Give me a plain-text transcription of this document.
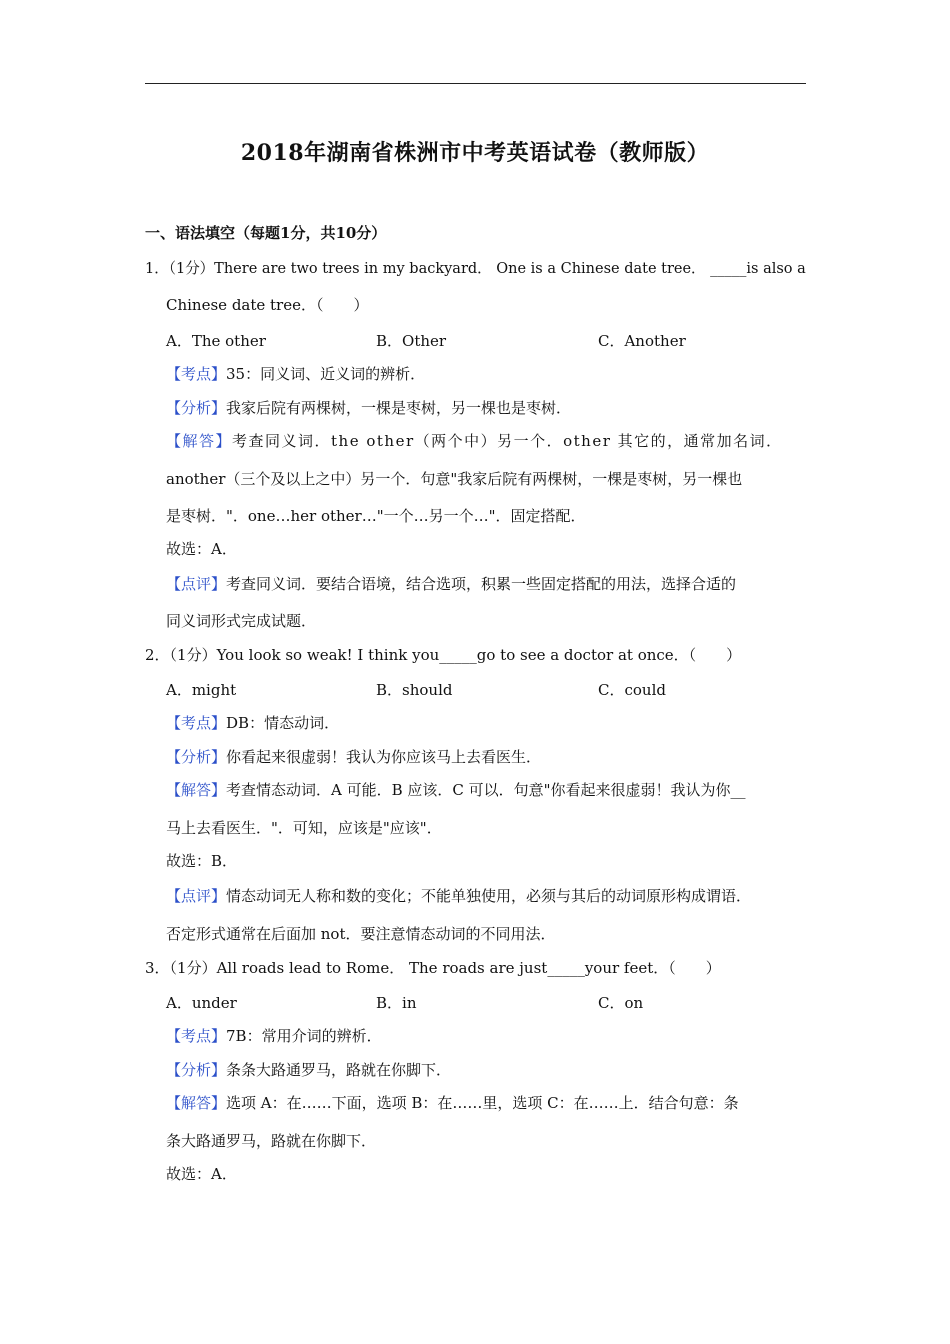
2018年湖南省株洲市中考英语试卷（教师版）
一、语法填空（每题1分，共10分）
1．（1分）There are two trees in my backyard． One is a Chinese date tree． _____is also a
Chinese date tree．（　　）
A．The other	B．Other	C．Another
【考点】35：同义词、近义词的辨析．
【分析】我家后院有两棵树，一棵是枣树，另一棵也是枣树．
【解答】考查同义词．the other（两个中）另一个．other 其它的，通常加名词．
another（三个及以上之中）另一个．句意"我家后院有两棵树，一棵是枣树，另一棵也
是枣树．"．one…her other…"一个…另一个…"．固定搭配．
故选：A．
【点评】考查同义词．要结合语境，结合选项，积累一些固定搭配的用法，选择合适的
同义词形式完成试题．
2．（1分）You look so weak! I think you_____go to see a doctor at once．（　　）
A．might	B．should	C．could
【考点】DB：情态动词．
【分析】你看起来很虚弱！我认为你应该马上去看医生．
【解答】考查情态动词．A 可能．B 应该．C 可以．句意"你看起来很虚弱！我认为你__
马上去看医生．"．可知，应该是"应该"．
故选：B．
【点评】情态动词无人称和数的变化；不能单独使用，必须与其后的动词原形构成谓语．
否定形式通常在后面加 not．要注意情态动词的不同用法．
3．（1分）All roads lead to Rome． The roads are just_____your feet．（　　）
A．under	B．in	C．on
【考点】7B：常用介词的辨析．
【分析】条条大路通罗马，路就在你脚下．
【解答】选项 A：在……下面，选项 B：在……里，选项 C：在……上．结合句意：条
条大路通罗马，路就在你脚下．
故选：A．
